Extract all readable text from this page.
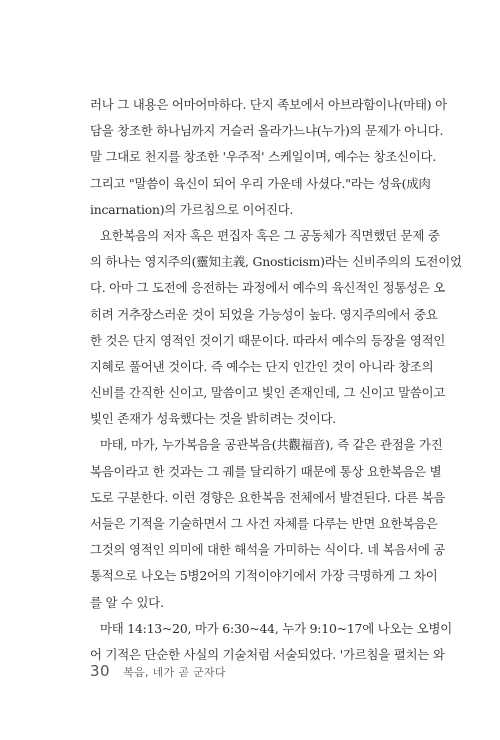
러나 그 내용은 어마어마하다. 단지 족보에서 아브라함이나(마태) 아
담을 창조한 하나님까지 거슬러 올라가느냐(누가)의 문제가 아니다.
말 그대로 천지를 창조한 '우주적' 스케일이며, 예수는 창조신이다.
그리고 "말씀이 육신이 되어 우리 가운데 사셨다."라는 성육(成肉
incarnation)의 가르침으로 이어진다.
요한복음의 저자 혹은 편집자 혹은 그 공동체가 직면했던 문제 중
의 하나는 영지주의(靈知主義, Gnosticism)라는 신비주의의 도전이었
다. 아마 그 도전에 응전하는 과정에서 예수의 육신적인 정통성은 오
히려 거추장스러운 것이 되었을 가능성이 높다. 영지주의에서 중요
한 것은 단지 영적인 것이기 때문이다. 따라서 예수의 등장을 영적인
지혜로 풀어낸 것이다. 즉 예수는 단지 인간인 것이 아니라 창조의
신비를 간직한 신이고, 말씀이고 빛인 존재인데, 그 신이고 말씀이고
빛인 존재가 성육했다는 것을 밝히려는 것이다.
마태, 마가, 누가복음을 공관복음(共觀福音), 즉 같은 관점을 가진
복음이라고 한 것과는 그 궤를 달리하기 때문에 통상 요한복음은 별
도로 구분한다. 이런 경향은 요한복음 전체에서 발견된다. 다른 복음
서들은 기적을 기술하면서 그 사건 자체를 다루는 반면 요한복음은
그것의 영적인 의미에 대한 해석을 가미하는 식이다. 네 복음서에 공
통적으로 나오는 5병2어의 기적이야기에서 가장 극명하게 그 차이
를 알 수 있다.
마태 14:13~20, 마가 6:30~44, 누가 9:10~17에 나오는 오병이
어 기적은 단순한 사실의 기술처럼 서술되었다. '가르침을 펼치는 와
30 복음, 네가 곧 군자다
